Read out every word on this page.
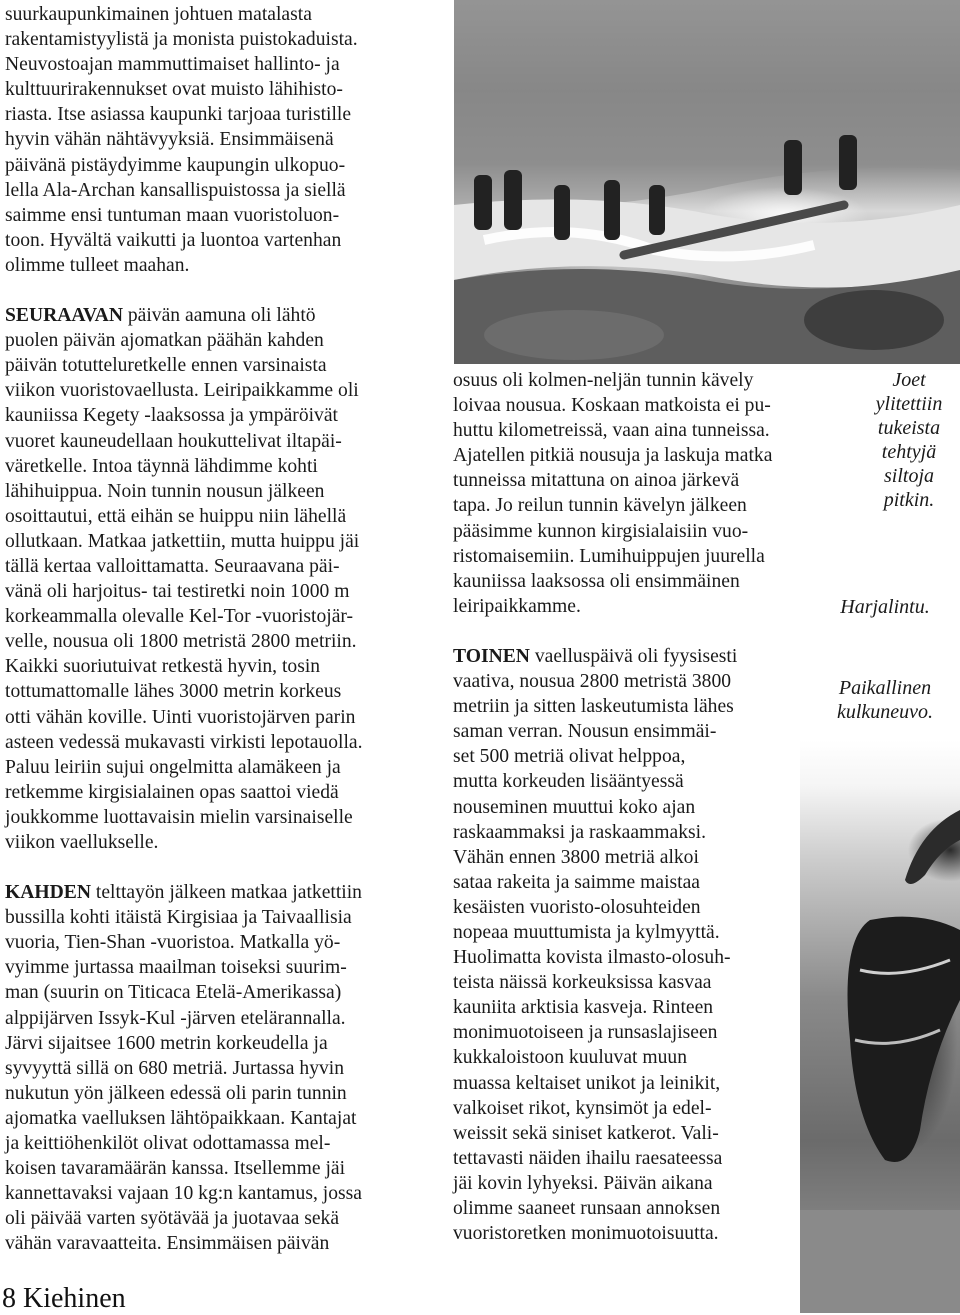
suurkaupunkimainen johtuen matalasta

rakentamistyylistä ja monista puistokaduista.

Neuvostoajan mammuttimaiset hallinto- ja

kulttuurirakennukset ovat muisto lähihisto-

riasta. Itse asiassa kaupunki tarjoaa turistille

hyvin vähän nähtävyyksiä. Ensimmäisenä

päivänä pistäydyimme kaupungin ulkopuo-

lella Ala-Archan kansallispuistossa ja siellä

saimme ensi tuntuman maan vuoristoluon-

toon. Hyvältä vaikutti ja luontoa vartenhan

olimme tulleet maahan.

SEURAAVAN päivän aamuna oli lähtö

puolen päivän ajomatkan päähän kahden

päivän totutteluretkelle ennen varsinaista

viikon vuoristovaellusta. Leiripaikkamme oli

kauniissa Kegety -laaksossa ja ympäröivät

vuoret kauneudellaan houkuttelivat iltapäi-

väretkelle. Intoa täynnä lähdimme kohti

lähihuippua. Noin tunnin nousun jälkeen

osoittautui, että eihän se huippu niin lähellä

ollutkaan. Matkaa jatkettiin, mutta huippu jäi

tällä kertaa valloittamatta. Seuraavana päi-

vänä oli harjoitus- tai testiretki noin 1000 m

korkeammalla olevalle Kel-Tor -vuoristojär-

velle, nousua oli 1800 metristä 2800 metriin.

Kaikki suoriutuivat retkestä hyvin, tosin

tottumattomalle lähes 3000 metrin korkeus

otti vähän koville. Uinti vuoristojärven parin

asteen vedessä mukavasti virkisti lepotauolla.

Paluu leiriin sujui ongelmitta alamäkeen ja

retkemme kirgisialainen opas saattoi viedä

joukkomme luottavaisin mielin varsinaiselle

viikon vaellukselle.

KAHDEN telttayön jälkeen matkaa jatkettiin

bussilla kohti itäistä Kirgisiaa ja Taivaallisia

vuoria, Tien-Shan -vuoristoa. Matkalla yö-

vyimme jurtassa maailman toiseksi suurim-

man (suurin on Titicaca Etelä-Amerikassa)

alppijärven Issyk-Kul -järven etelärannalla.

Järvi sijaitsee 1600 metrin korkeudella ja

syvyyttä sillä on 680 metriä. Jurtassa hyvin

nukutun yön jälkeen edessä oli parin tunnin

ajomatka vaelluksen lähtöpaikkaan. Kantajat

ja keittiöhenkilöt olivat odottamassa mel-

koisen tavaramäärän kanssa. Itsellemme jäi

kannettavaksi vajaan 10 kg:n kantamus, jossa

oli päivää varten syötävää ja juotavaa sekä

vähän varavaatteita. Ensimmäisen päivän

osuus oli kolmen-neljän tunnin kävely

loivaa nousua. Koskaan matkoista ei pu-

huttu kilometreissä, vaan aina tunneissa.

Ajatellen pitkiä nousuja ja laskuja matka

tunneissa mitattuna on ainoa järkevä

tapa. Jo reilun tunnin kävelyn jälkeen

pääsimme kunnon kirgisialaisiin vuo-

ristomaisemiin. Lumihuippujen juurella

kauniissa laaksossa oli ensimmäinen

leiripaikkamme.

TOINEN vaelluspäivä oli fyysisesti

vaativa, nousua 2800 metristä 3800

metriin ja sitten laskeutumista lähes

saman verran. Nousun ensimmäi-

set 500 metriä olivat helppoa,

mutta korkeuden lisääntyessä

nouseminen muuttui koko ajan

raskaammaksi ja raskaammaksi.

Vähän ennen 3800 metriä alkoi

sataa rakeita ja saimme maistaa

kesäisten vuoristo-olosuhteiden

nopeaa muuttumista ja kylmyyttä.

Huolimatta kovista ilmasto-olosuh-

teista näissä korkeuksissa kasvaa

kauniita arktisia kasveja. Rinteen

monimuotoiseen ja runsaslajiseen

kukkaloistoon kuuluvat muun

muassa keltaiset unikot ja leinikit,

valkoiset rikot, kynsimöt ja edel-

weissit sekä siniset katkerot. Vali-

tettavasti näiden ihailu raesateessa

jäi kovin lyhyeksi. Päivän aikana

olimme saaneet runsaan annoksen

vuoristoretken monimuotoisuutta.

Joet
ylitettiin
tukeista
tehtyjä
siltoja
pitkin.
Harjalintu.
Paikallinen
kulkuneuvo.
8 Kiehinen
